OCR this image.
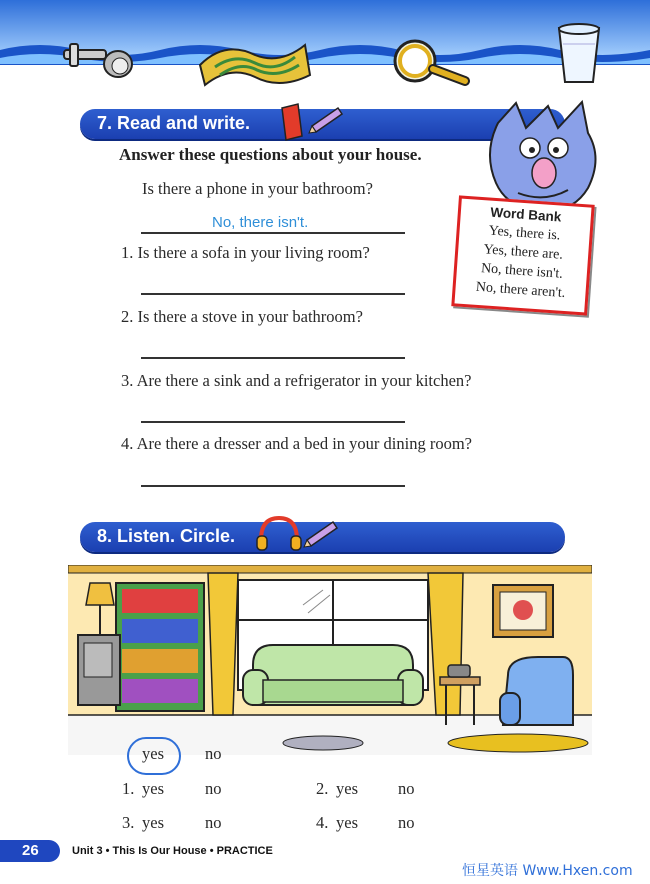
7. Read and write.
Word Bank
Yes, there is.
Yes, there are.
No, there isn't.
No, there aren't.
Answer these questions about your house.
Is there a phone in your bathroom?
No, there isn't.
1. Is there a sofa in your living room?
2. Is there a stove in your bathroom?
3. Are there a sink and a refrigerator in your kitchen?
4. Are there a dresser and a bed in your dining room?
8. Listen. Circle.
yes no
1. yes no	2. yes no
3. yes no	4. yes no
26	Unit 3 • This Is Our House • PRACTICE
恒星英语 Www.Hxen.com
